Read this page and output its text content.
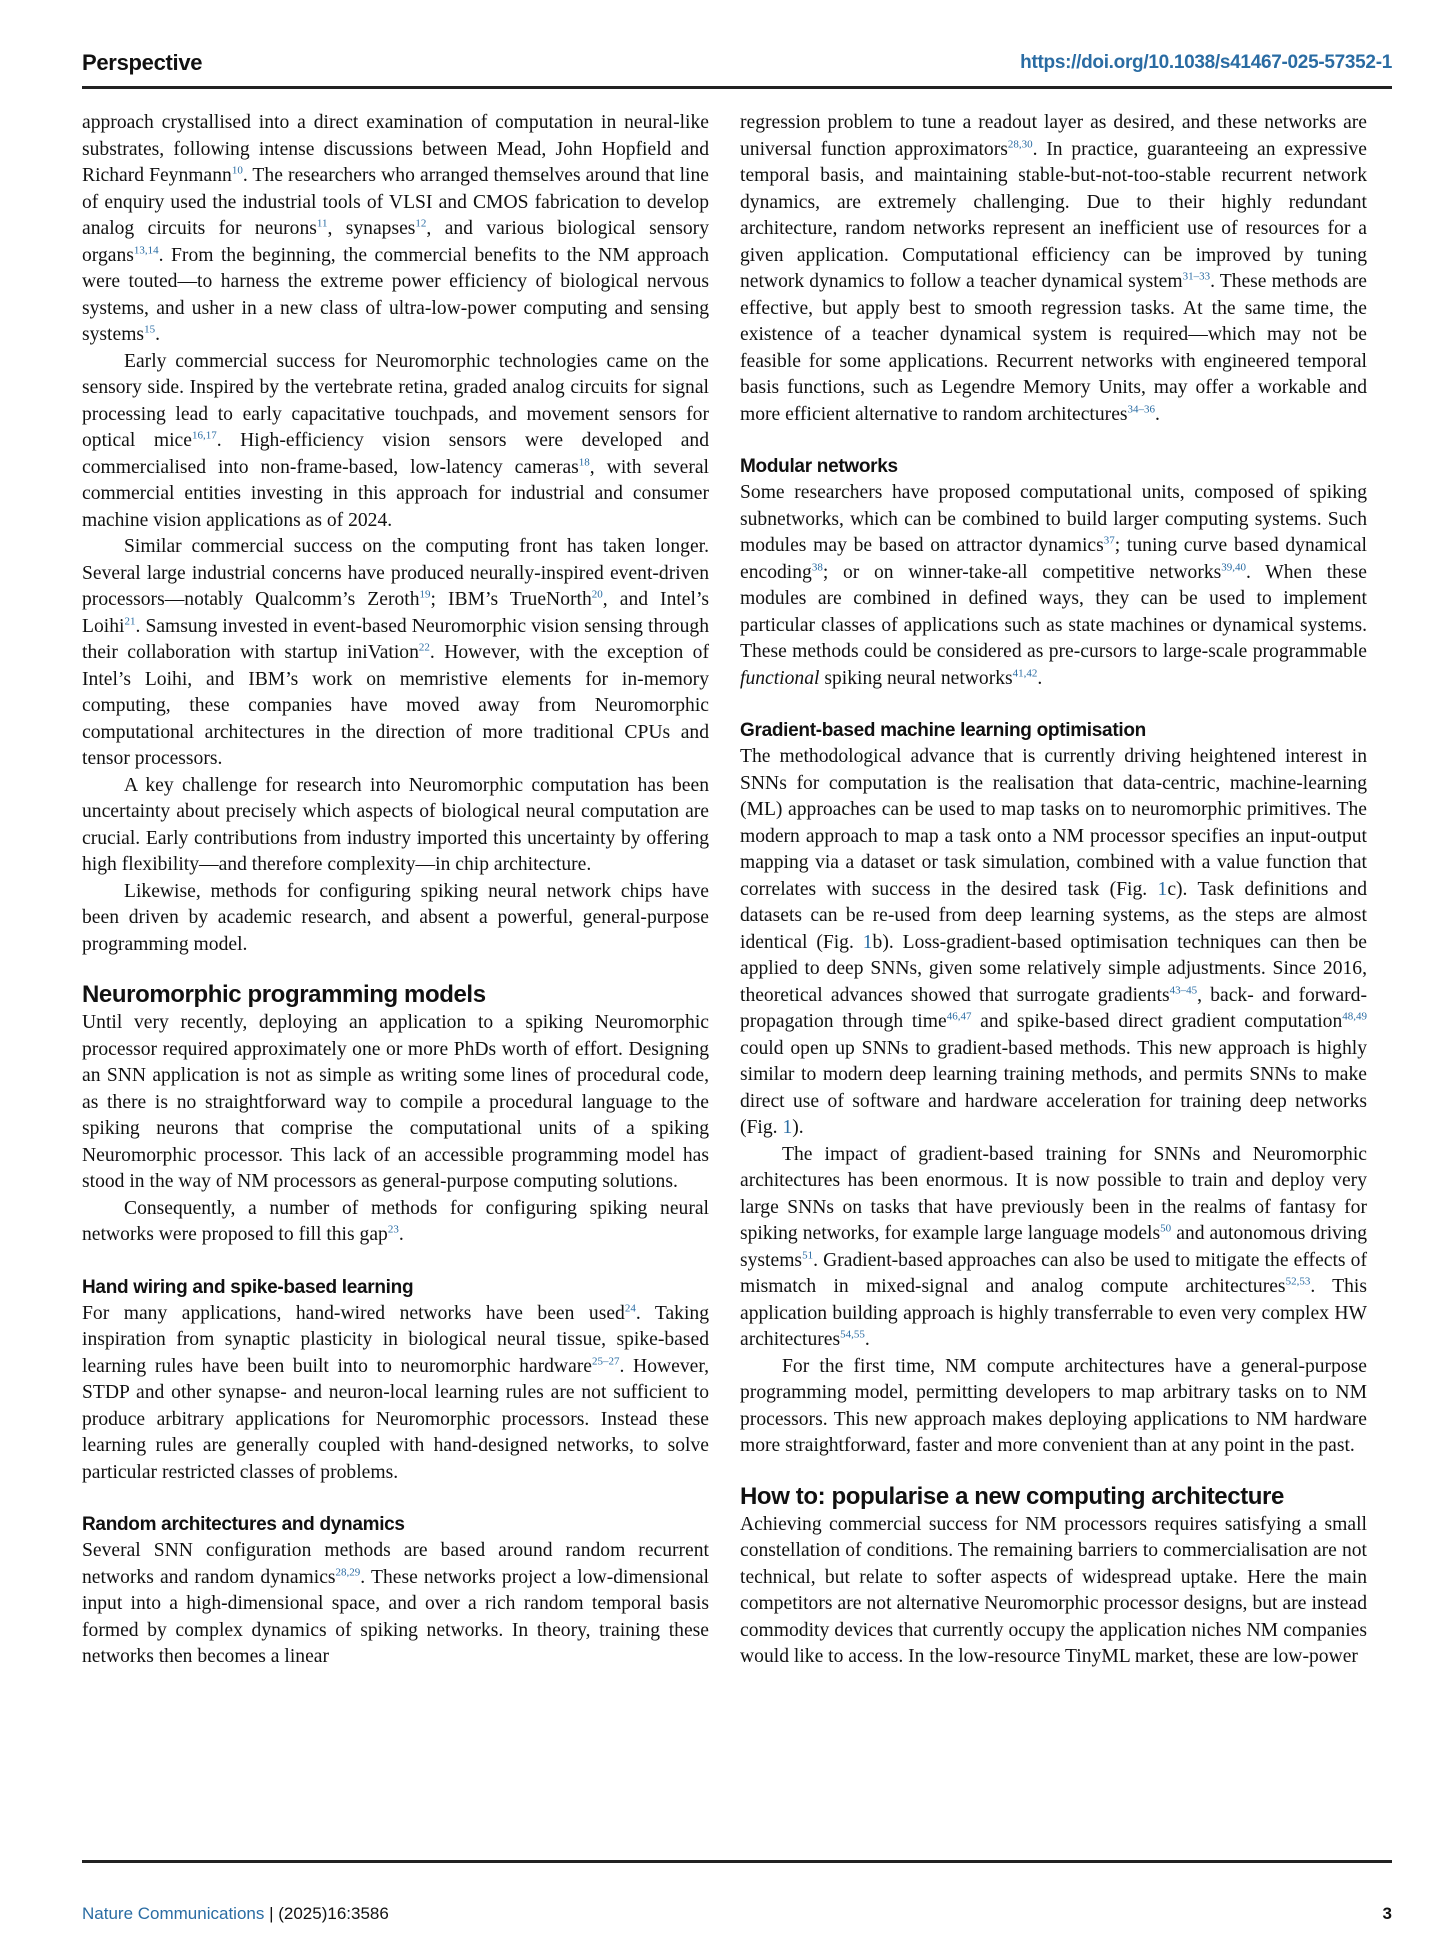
Perspective	https://doi.org/10.1038/s41467-025-57352-1

approach crystallised into a direct examination of computation in neural-like substrates, following intense discussions between Mead, John Hopfield and Richard Feynmann$^{10}$. The researchers who arranged themselves around that line of enquiry used the industrial tools of VLSI and CMOS fabrication to develop analog circuits for neurons$^{11}$, synapses$^{12}$, and various biological sensory organs$^{13,14}$. From the beginning, the commercial benefits to the NM approach were touted—to harness the extreme power efficiency of biological nervous systems, and usher in a new class of ultra-low-power computing and sensing systems$^{15}$.

Early commercial success for Neuromorphic technologies came on the sensory side. Inspired by the vertebrate retina, graded analog circuits for signal processing lead to early capacitative touchpads, and movement sensors for optical mice$^{16,17}$. High-efficiency vision sensors were developed and commercialised into non-frame-based, low-latency cameras$^{18}$, with several commercial entities investing in this approach for industrial and consumer machine vision applications as of 2024.

Similar commercial success on the computing front has taken longer. Several large industrial concerns have produced neurally-inspired event-driven processors—notably Qualcomm’s Zeroth$^{19}$; IBM’s TrueNorth$^{20}$, and Intel’s Loihi$^{21}$. Samsung invested in event-based Neuromorphic vision sensing through their collaboration with startup iniVation$^{22}$. However, with the exception of Intel’s Loihi, and IBM’s work on memristive elements for in-memory computing, these companies have moved away from Neuromorphic computational architectures in the direction of more traditional CPUs and tensor processors.

A key challenge for research into Neuromorphic computation has been uncertainty about precisely which aspects of biological neural computation are crucial. Early contributions from industry imported this uncertainty by offering high flexibility—and therefore complexity—in chip architecture.

Likewise, methods for configuring spiking neural network chips have been driven by academic research, and absent a powerful, general-purpose programming model.

Neuromorphic programming models

Until very recently, deploying an application to a spiking Neuromorphic processor required approximately one or more PhDs worth of effort. Designing an SNN application is not as simple as writing some lines of procedural code, as there is no straightforward way to compile a procedural language to the spiking neurons that comprise the computational units of a spiking Neuromorphic processor. This lack of an accessible programming model has stood in the way of NM processors as general-purpose computing solutions.

Consequently, a number of methods for configuring spiking neural networks were proposed to fill this gap$^{23}$.

Hand wiring and spike-based learning

For many applications, hand-wired networks have been used$^{24}$. Taking inspiration from synaptic plasticity in biological neural tissue, spike-based learning rules have been built into to neuromorphic hardware$^{25-27}$. However, STDP and other synapse- and neuron-local learning rules are not sufficient to produce arbitrary applications for Neuromorphic processors. Instead these learning rules are generally coupled with hand-designed networks, to solve particular restricted classes of problems.

Random architectures and dynamics

Several SNN configuration methods are based around random recurrent networks and random dynamics$^{28,29}$. These networks project a low-dimensional input into a high-dimensional space, and over a rich random temporal basis formed by complex dynamics of spiking networks. In theory, training these networks then becomes a linear

regression problem to tune a readout layer as desired, and these networks are universal function approximators$^{28,30}$. In practice, guaranteeing an expressive temporal basis, and maintaining stable-but-not-too-stable recurrent network dynamics, are extremely challenging. Due to their highly redundant architecture, random networks represent an inefficient use of resources for a given application. Computational efficiency can be improved by tuning network dynamics to follow a teacher dynamical system$^{31-33}$. These methods are effective, but apply best to smooth regression tasks. At the same time, the existence of a teacher dynamical system is required—which may not be feasible for some applications. Recurrent networks with engineered temporal basis functions, such as Legendre Memory Units, may offer a workable and more efficient alternative to random architectures$^{34-36}$.

Modular networks

Some researchers have proposed computational units, composed of spiking subnetworks, which can be combined to build larger computing systems. Such modules may be based on attractor dynamics$^{37}$; tuning curve based dynamical encoding$^{38}$; or on winner-take-all competitive networks$^{39,40}$. When these modules are combined in defined ways, they can be used to implement particular classes of applications such as state machines or dynamical systems. These methods could be considered as pre-cursors to large-scale programmable functional spiking neural networks$^{41,42}$.

Gradient-based machine learning optimisation

The methodological advance that is currently driving heightened interest in SNNs for computation is the realisation that data-centric, machine-learning (ML) approaches can be used to map tasks on to neuromorphic primitives. The modern approach to map a task onto a NM processor specifies an input-output mapping via a dataset or task simulation, combined with a value function that correlates with success in the desired task (Fig. 1c). Task definitions and datasets can be re-used from deep learning systems, as the steps are almost identical (Fig. 1b). Loss-gradient-based optimisation techniques can then be applied to deep SNNs, given some relatively simple adjustments. Since 2016, theoretical advances showed that surrogate gradients$^{43-45}$, back- and forward-propagation through time$^{46,47}$ and spike-based direct gradient computation$^{48,49}$ could open up SNNs to gradient-based methods. This new approach is highly similar to modern deep learning training methods, and permits SNNs to make direct use of software and hardware acceleration for training deep networks (Fig. 1).

The impact of gradient-based training for SNNs and Neuromorphic architectures has been enormous. It is now possible to train and deploy very large SNNs on tasks that have previously been in the realms of fantasy for spiking networks, for example large language models$^{50}$ and autonomous driving systems$^{51}$. Gradient-based approaches can also be used to mitigate the effects of mismatch in mixed-signal and analog compute architectures$^{52,53}$. This application building approach is highly transferrable to even very complex HW architectures$^{54,55}$.

For the first time, NM compute architectures have a general-purpose programming model, permitting developers to map arbitrary tasks on to NM processors. This new approach makes deploying applications to NM hardware more straightforward, faster and more convenient than at any point in the past.

How to: popularise a new computing architecture

Achieving commercial success for NM processors requires satisfying a small constellation of conditions. The remaining barriers to commercialisation are not technical, but relate to softer aspects of widespread uptake. Here the main competitors are not alternative Neuromorphic processor designs, but are instead commodity devices that currently occupy the application niches NM companies would like to access. In the low-resource TinyML market, these are low-power

Nature Communications | (2025)16:3586	3
